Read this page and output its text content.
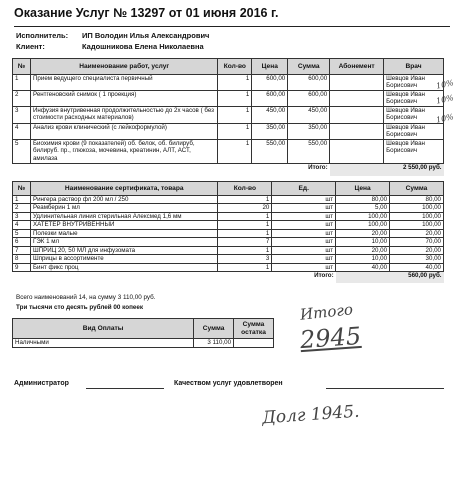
Оказание Услуг № 13297 от 01 июня 2016 г.
Исполнитель: ИП Володин Илья Александрович
Клиент:	Кадошникова Елена Николаевна
№	Наименование работ, услуг	Кол-во	Цена	Сумма	Абонемент	Врач
1	Прием ведущего специалиста первичный	1	600,00	600,00		Шевцов Иван Борисович
2	Рентгеновский снимок ( 1 проекция)	1	600,00	600,00		Шевцов Иван Борисович
3	Инфузия внутривенная продолжительностью до 2х часов ( без стоимости расходных материалов)	1	450,00	450,00		Шевцов Иван Борисович
4	Анализ крови клинический (с лейкоформулой)	1	350,00	350,00		Шевцов Иван Борисович
5	Биохимия крови (9 показателей) об. белок, об. билируб, билируб. пр., глюкоза, мочевина, креатинин, АЛТ, АСТ, амилаза	1	550,00	550,00		Шевцов Иван Борисович
Итого:					2 550,00 руб.	
№	Наименование сертификата, товара	Кол-во	Ед.	Цена	Сумма
1	Рингера раствор фл 200 мл / 250	1	шт	80,00	80,00
2	Реамберин 1 мл	20	шт	5,00	100,00
3	Удлинительная линия стерильная Алексмед 1,6 мм	1	шт	100,00	100,00
4	ХАТЕТЕР ВНУТРИВЕННЫЙ	1	шт	100,00	100,00
5	Полезки малые	1	шт	20,00	20,00
6	ГЭК 1 мл	7	шт	10,00	70,00
7	ШПРИЦ 20, 50 МЛ для инфузомата	1	шт	20,00	20,00
8	Шприцы в ассортименте	3	шт	10,00	30,00
9	Бинт фикс проц	1	шт	40,00	40,00
Итого:				560,00 руб.	
Всего наименований 14, на сумму 3 110,00 руб.
Три тысячи сто десять рублей 00 копеек
Вид Оплаты	Сумма	Сумма остатка
Наличными	3 110,00	
Администратор	Качеством услуг удовлетворен
10%
10%
10%
Итого
2945
Долг 1945.
